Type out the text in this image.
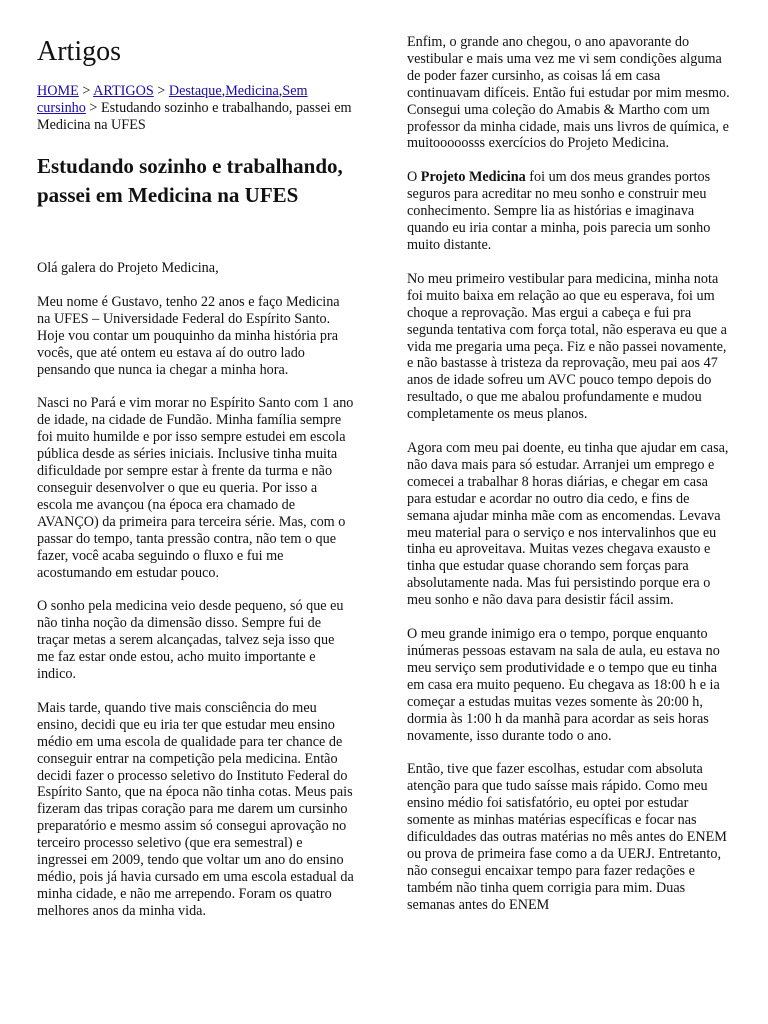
Artigos
HOME > ARTIGOS > Destaque,Medicina,Sem cursinho > Estudando sozinho e trabalhando, passei em Medicina na UFES
Estudando sozinho e trabalhando, passei em Medicina na UFES

Olá galera do Projeto Medicina,

Meu nome é Gustavo, tenho 22 anos e faço Medicina na UFES – Universidade Federal do Espírito Santo. Hoje vou contar um pouquinho da minha história pra vocês, que até ontem eu estava aí do outro lado pensando que nunca ia chegar a minha hora.

Nasci no Pará e vim morar no Espírito Santo com 1 ano de idade, na cidade de Fundão. Minha família sempre foi muito humilde e por isso sempre estudei em escola pública desde as séries iniciais. Inclusive tinha muita dificuldade por sempre estar à frente da turma e não conseguir desenvolver o que eu queria. Por isso a escola me avançou (na época era chamado de AVANÇO) da primeira para terceira série. Mas, com o passar do tempo, tanta pressão contra, não tem o que fazer, você acaba seguindo o fluxo e fui me acostumando em estudar pouco.

O sonho pela medicina veio desde pequeno, só que eu não tinha noção da dimensão disso. Sempre fui de traçar metas a serem alcançadas, talvez seja isso que me faz estar onde estou, acho muito importante e indico.

Mais tarde, quando tive mais consciência do meu ensino, decidi que eu iria ter que estudar meu ensino médio em uma escola de qualidade para ter chance de conseguir entrar na competição pela medicina. Então decidi fazer o processo seletivo do Instituto Federal do Espírito Santo, que na época não tinha cotas. Meus pais fizeram das tripas coração para me darem um cursinho preparatório e mesmo assim só consegui aprovação no terceiro processo seletivo (que era semestral) e ingressei em 2009, tendo que voltar um ano do ensino médio, pois já havia cursado em uma escola estadual da minha cidade, e não me arrependo. Foram os quatro melhores anos da minha vida.

Enfim, o grande ano chegou, o ano apavorante do vestibular e mais uma vez me vi sem condições alguma de poder fazer cursinho, as coisas lá em casa continuavam difíceis. Então fui estudar por mim mesmo. Consegui uma coleção do Amabis & Martho com um professor da minha cidade, mais uns livros de química, e muitooooosss exercícios do Projeto Medicina.

O Projeto Medicina foi um dos meus grandes portos seguros para acreditar no meu sonho e construir meu conhecimento. Sempre lia as histórias e imaginava quando eu iria contar a minha, pois parecia um sonho muito distante.

No meu primeiro vestibular para medicina, minha nota foi muito baixa em relação ao que eu esperava, foi um choque a reprovação. Mas ergui a cabeça e fui pra segunda tentativa com força total, não esperava eu que a vida me pregaria uma peça. Fiz e não passei novamente, e não bastasse à tristeza da reprovação, meu pai aos 47 anos de idade sofreu um AVC pouco tempo depois do resultado, o que me abalou profundamente e mudou completamente os meus planos.

Agora com meu pai doente, eu tinha que ajudar em casa, não dava mais para só estudar. Arranjei um emprego e comecei a trabalhar 8 horas diárias, e chegar em casa para estudar e acordar no outro dia cedo, e fins de semana ajudar minha mãe com as encomendas. Levava meu material para o serviço e nos intervalinhos que eu tinha eu aproveitava. Muitas vezes chegava exausto e tinha que estudar quase chorando sem forças para absolutamente nada. Mas fui persistindo porque era o meu sonho e não dava para desistir fácil assim.

O meu grande inimigo era o tempo, porque enquanto inúmeras pessoas estavam na sala de aula, eu estava no meu serviço sem produtividade e o tempo que eu tinha em casa era muito pequeno. Eu chegava as 18:00 h e ia começar a estudas muitas vezes somente às 20:00 h, dormia às 1:00 h da manhã para acordar as seis horas novamente, isso durante todo o ano.

Então, tive que fazer escolhas, estudar com absoluta atenção para que tudo saísse mais rápido. Como meu ensino médio foi satisfatório, eu optei por estudar somente as minhas matérias específicas e focar nas dificuldades das outras matérias no mês antes do ENEM ou prova de primeira fase como a da UERJ. Entretanto, não consegui encaixar tempo para fazer redações e também não tinha quem corrigia para mim. Duas semanas antes do ENEM
